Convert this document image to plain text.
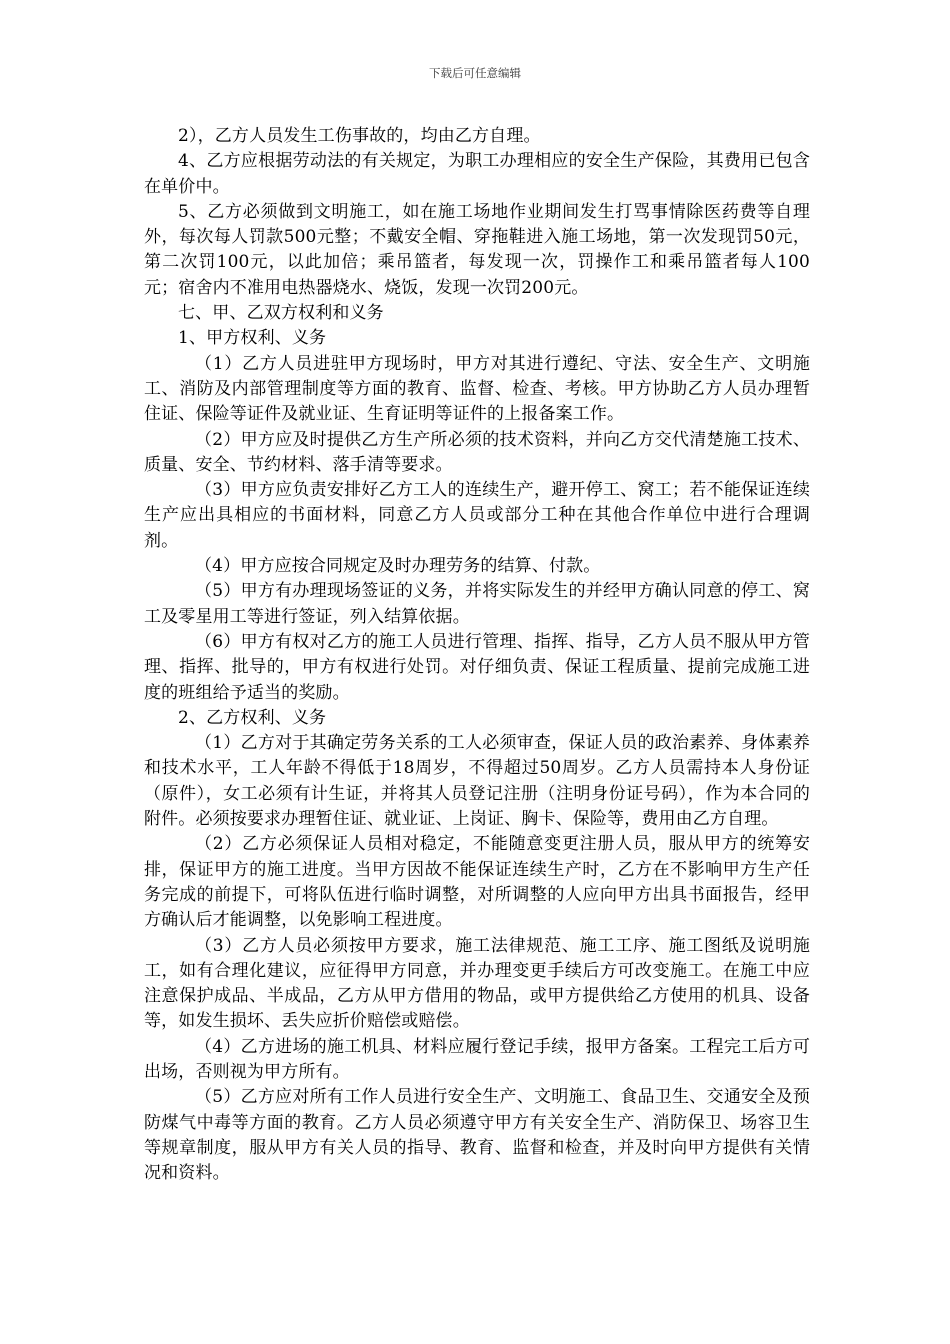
下载后可任意编辑

2），乙方人员发生工伤事故的，均由乙方自理。

4、乙方应根据劳动法的有关规定，为职工办理相应的安全生产保险，其费用已包含在单价中。

5、乙方必须做到文明施工，如在施工场地作业期间发生打骂事情除医药费等自理外，每次每人罚款500元整；不戴安全帽、穿拖鞋进入施工场地，第一次发现罚50元，第二次罚100元，以此加倍；乘吊篮者，每发现一次，罚操作工和乘吊篮者每人100元；宿舍内不准用电热器烧水、烧饭，发现一次罚200元。

七、甲、乙双方权利和义务

1、甲方权利、义务

（1）乙方人员进驻甲方现场时，甲方对其进行遵纪、守法、安全生产、文明施工、消防及内部管理制度等方面的教育、监督、检查、考核。甲方协助乙方人员办理暂住证、保险等证件及就业证、生育证明等证件的上报备案工作。

（2）甲方应及时提供乙方生产所必须的技术资料，并向乙方交代清楚施工技术、质量、安全、节约材料、落手清等要求。

（3）甲方应负责安排好乙方工人的连续生产，避开停工、窝工；若不能保证连续生产应出具相应的书面材料，同意乙方人员或部分工种在其他合作单位中进行合理调剂。

（4）甲方应按合同规定及时办理劳务的结算、付款。

（5）甲方有办理现场签证的义务，并将实际发生的并经甲方确认同意的停工、窝工及零星用工等进行签证，列入结算依据。

（6）甲方有权对乙方的施工人员进行管理、指挥、指导，乙方人员不服从甲方管理、指挥、批导的，甲方有权进行处罚。对仔细负责、保证工程质量、提前完成施工进度的班组给予适当的奖励。

2、乙方权利、义务

（1）乙方对于其确定劳务关系的工人必须审查，保证人员的政治素养、身体素养和技术水平，工人年龄不得低于18周岁，不得超过50周岁。乙方人员需持本人身份证（原件），女工必须有计生证，并将其人员登记注册（注明身份证号码），作为本合同的附件。必须按要求办理暂住证、就业证、上岗证、胸卡、保险等，费用由乙方自理。

（2）乙方必须保证人员相对稳定，不能随意变更注册人员，服从甲方的统筹安排，保证甲方的施工进度。当甲方因故不能保证连续生产时，乙方在不影响甲方生产任务完成的前提下，可将队伍进行临时调整，对所调整的人应向甲方出具书面报告，经甲方确认后才能调整，以免影响工程进度。

（3）乙方人员必须按甲方要求，施工法律规范、施工工序、施工图纸及说明施工，如有合理化建议，应征得甲方同意，并办理变更手续后方可改变施工。在施工中应注意保护成品、半成品，乙方从甲方借用的物品，或甲方提供给乙方使用的机具、设备等，如发生损坏、丢失应折价赔偿或赔偿。

（4）乙方进场的施工机具、材料应履行登记手续，报甲方备案。工程完工后方可出场，否则视为甲方所有。

（5）乙方应对所有工作人员进行安全生产、文明施工、食品卫生、交通安全及预防煤气中毒等方面的教育。乙方人员必须遵守甲方有关安全生产、消防保卫、场容卫生等规章制度，服从甲方有关人员的指导、教育、监督和检查，并及时向甲方提供有关情况和资料。
